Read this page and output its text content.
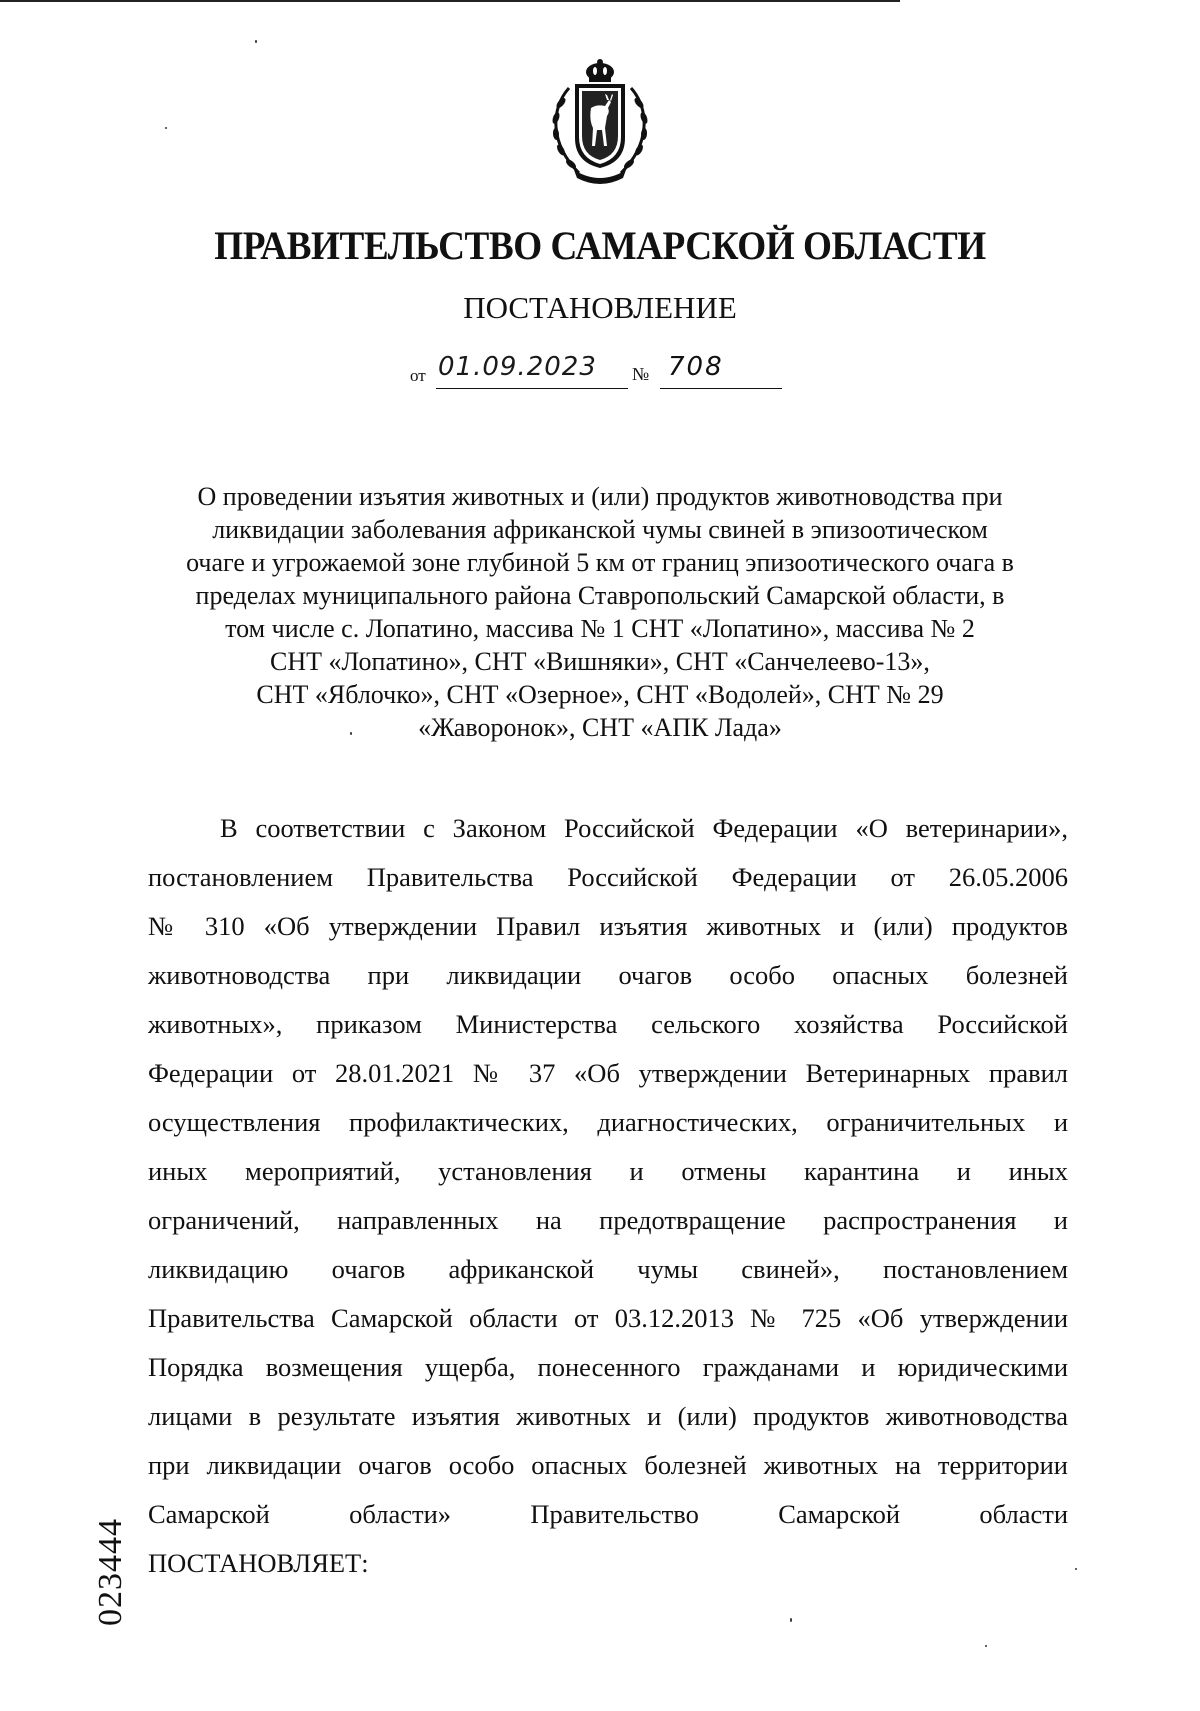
ПРАВИТЕЛЬСТВО САМАРСКОЙ ОБЛАСТИ
ПОСТАНОВЛЕНИЕ
от 01.09.2023 № 708
О проведении изъятия животных и (или) продуктов животноводства при
ликвидации заболевания африканской чумы свиней в эпизоотическом
очаге и угрожаемой зоне глубиной 5 км от границ эпизоотического очага в
пределах муниципального района Ставропольский Самарской области, в
том числе с. Лопатино, массива № 1 СНТ «Лопатино», массива № 2
СНТ «Лопатино», СНТ «Вишняки», СНТ «Санчелеево-13»,
СНТ «Яблочко», СНТ «Озерное», СНТ «Водолей», СНТ № 29
«Жаворонок», СНТ «АПК Лада»
В соответствии с Законом Российской Федерации «О ветеринарии»,
постановлением Правительства Российской Федерации от 26.05.2006
№ 310 «Об утверждении Правил изъятия животных и (или) продуктов
животноводства при ликвидации очагов особо опасных болезней
животных», приказом Министерства сельского хозяйства Российской
Федерации от 28.01.2021 № 37 «Об утверждении Ветеринарных правил
осуществления профилактических, диагностических, ограничительных и
иных мероприятий, установления и отмены карантина и иных
ограничений, направленных на предотвращение распространения и
ликвидацию очагов африканской чумы свиней», постановлением
Правительства Самарской области от 03.12.2013 № 725 «Об утверждении
Порядка возмещения ущерба, понесенного гражданами и юридическими
лицами в результате изъятия животных и (или) продуктов животноводства
при ликвидации очагов особо опасных болезней животных на территории
Самарской области» Правительство Самарской области
ПОСТАНОВЛЯЕТ:
023444
